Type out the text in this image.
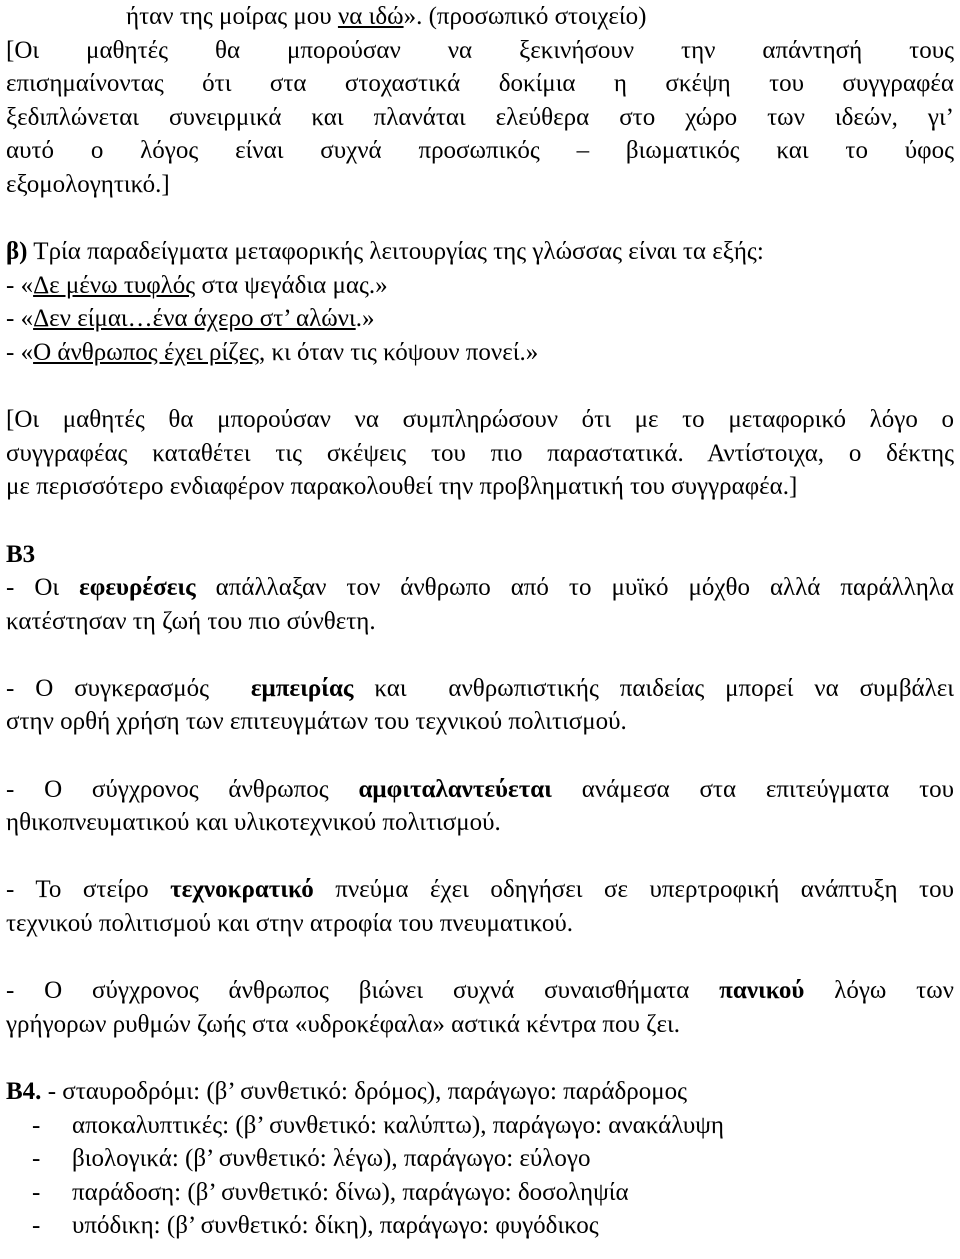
ήταν της μοίρας μου να ιδώ». (προσωπικό στοιχείο)
[Οι μαθητές θα μπορούσαν να ξεκινήσουν την απάντησή τους
επισημαίνοντας ότι στα στοχαστικά δοκίμια η σκέψη του συγγραφέα
ξεδιπλώνεται συνειρμικά και πλανάται ελεύθερα στο χώρο των ιδεών, γι’
αυτό ο λόγος είναι συχνά προσωπικός – βιωματικός και το ύφος
εξομολογητικό.]
β) Τρία παραδείγματα μεταφορικής λειτουργίας της γλώσσας είναι τα εξής:
- «Δε μένω τυφλός στα ψεγάδια μας.»
- «Δεν είμαι…ένα άχερο στ’ αλώνι.»
- «Ο άνθρωπος έχει ρίζες, κι όταν τις κόψουν πονεί.»
[Οι μαθητές θα μπορούσαν να συμπληρώσουν ότι με το μεταφορικό λόγο ο
συγγραφέας καταθέτει τις σκέψεις του πιο παραστατικά. Αντίστοιχα, ο δέκτης
με περισσότερο ενδιαφέρον παρακολουθεί την προβληματική του συγγραφέα.]
Β3
- Οι εφευρέσεις απάλλαξαν τον άνθρωπο από το μυϊκό μόχθο αλλά παράλληλα
κατέστησαν τη ζωή του πιο σύνθετη.
- Ο συγκερασμός  εμπειρίας και  ανθρωπιστικής παιδείας μπορεί να συμβάλει
στην ορθή χρήση των επιτευγμάτων του τεχνικού πολιτισμού.
- Ο σύγχρονος άνθρωπος αμφιταλαντεύεται ανάμεσα στα επιτεύγματα του
ηθικοπνευματικού και υλικοτεχνικού πολιτισμού.
- Το στείρο τεχνοκρατικό πνεύμα έχει οδηγήσει σε υπερτροφική ανάπτυξη του
τεχνικού πολιτισμού και στην ατροφία του πνευματικού.
- Ο σύγχρονος άνθρωπος βιώνει συχνά συναισθήματα πανικού λόγω των
γρήγορων ρυθμών ζωής στα «υδροκέφαλα» αστικά κέντρα που ζει.
Β4. - σταυροδρόμι: (β’ συνθετικό: δρόμος), παράγωγο: παράδρομος
- αποκαλυπτικές: (β’ συνθετικό: καλύπτω), παράγωγο: ανακάλυψη
- βιολογικά: (β’ συνθετικό: λέγω), παράγωγο: εύλογο
- παράδοση: (β’ συνθετικό: δίνω), παράγωγο: δοσοληψία
- υπόδικη: (β’ συνθετικό: δίκη), παράγωγο: φυγόδικος
